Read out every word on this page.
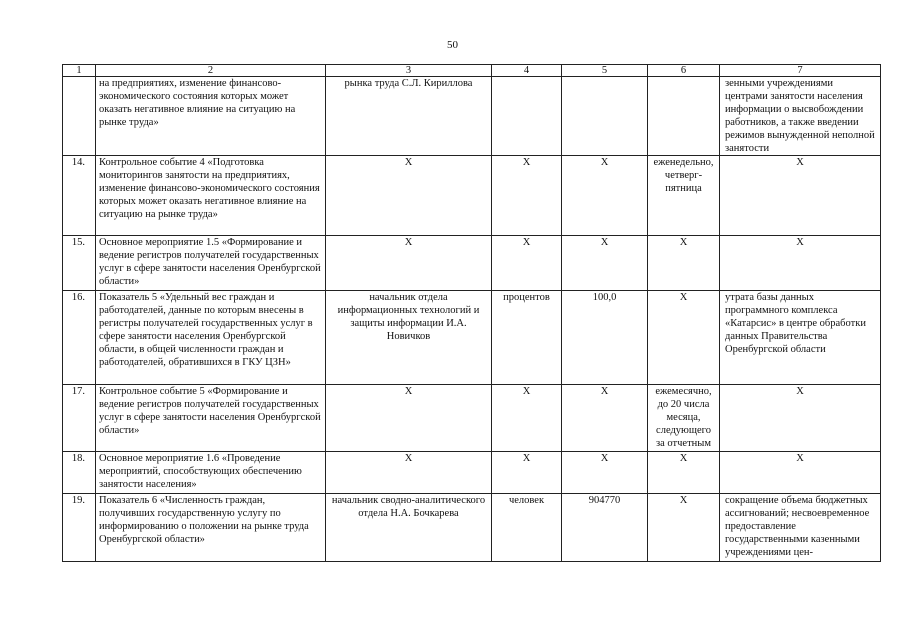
50
1	2	3	4	5	6	7
	на предприятиях, изменение финансово-экономического состояния которых может оказать негативное влияние на ситуацию на рынке труда»	рынка труда С.Л. Кириллова				зенными учреждениями центрами занятости населения информации о высвобождении работников, а также введении режимов вынужденной неполной занятости
14.	Контрольное событие 4 «Подготовка мониторингов занятости на предприятиях, изменение финансово-экономического состояния которых может оказать негативное влияние на ситуацию на рынке труда»	X	X	X	еженедельно, четверг-пятница	X
15.	Основное мероприятие 1.5 «Формирование и ведение регистров получателей государственных услуг в сфере занятости населения Оренбургской области»	X	X	X	X	X
16.	Показатель 5 «Удельный вес граждан и работодателей, данные по которым внесены в регистры получателей государственных услуг в сфере занятости населения Оренбургской области, в общей численности граждан и работодателей, обратившихся в ГКУ ЦЗН»	начальник отдела информационных технологий и защиты информации И.А. Новичков	процентов	100,0	X	утрата базы данных программного комплекса «Катарсис» в центре обработки данных Правительства Оренбургской области
17.	Контрольное событие 5 «Формирование и ведение регистров получателей государственных услуг в сфере занятости населения Оренбургской области»	X	X	X	ежемесячно, до 20 числа месяца, следующего за отчетным	X
18.	Основное мероприятие 1.6 «Проведение мероприятий, способствующих обеспечению занятости населения»	X	X	X	X	X
19.	Показатель 6 «Численность граждан, получивших государственную услугу по информированию о положении на рынке труда Оренбургской области»	начальник сводно-аналитического отдела Н.А. Бочкарева	человек	904770	X	сокращение объема бюджетных ассигнований; несвоевременное предоставление государственными казенными учреждениями цен-
